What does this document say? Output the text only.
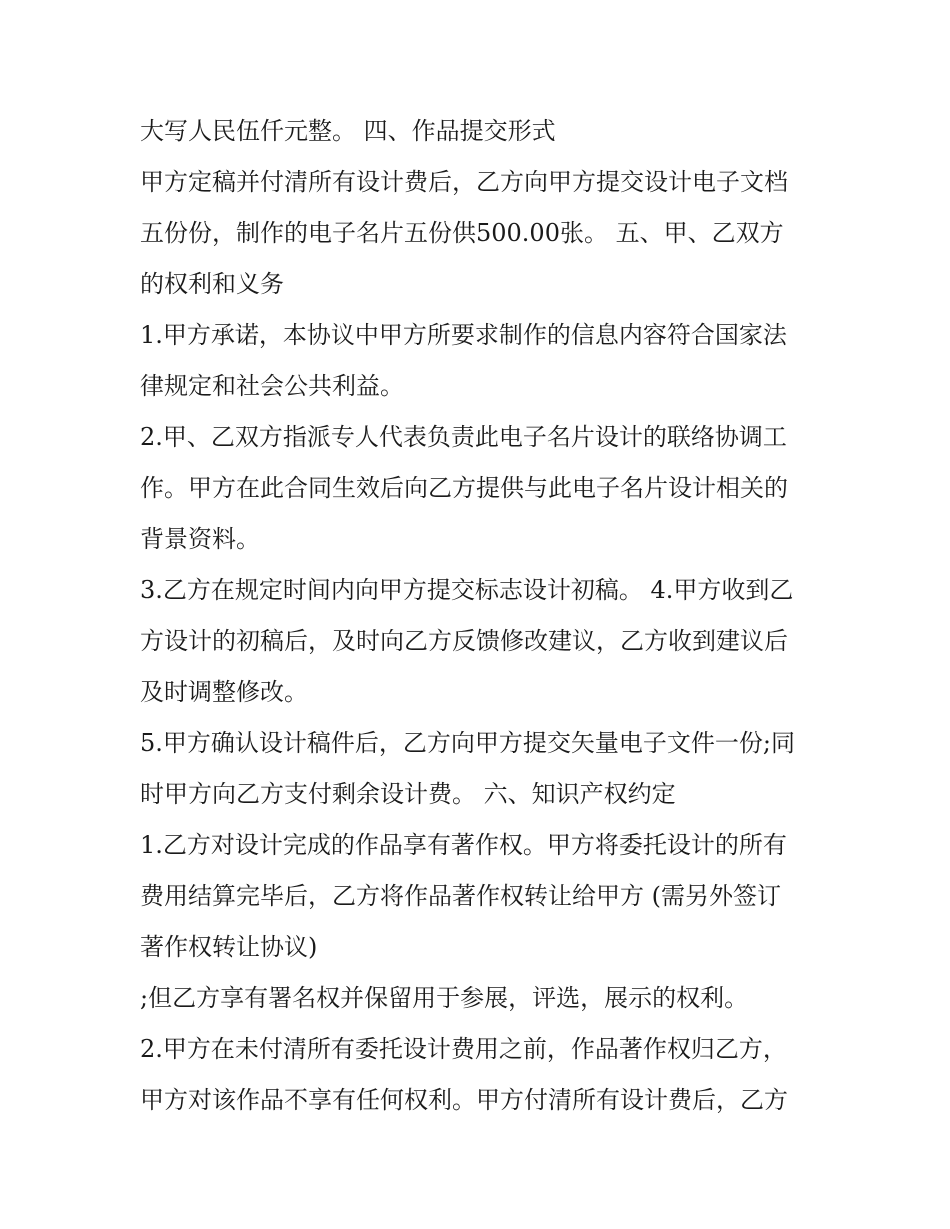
大写人民伍仟元整。 四、作品提交形式
甲方定稿并付清所有设计费后，乙方向甲方提交设计电子文档
五份份，制作的电子名片五份供500.00张。 五、甲、乙双方
的权利和义务
1.甲方承诺，本协议中甲方所要求制作的信息内容符合国家法
律规定和社会公共利益。
2.甲、乙双方指派专人代表负责此电子名片设计的联络协调工
作。甲方在此合同生效后向乙方提供与此电子名片设计相关的
背景资料。
3.乙方在规定时间内向甲方提交标志设计初稿。 4.甲方收到乙
方设计的初稿后，及时向乙方反馈修改建议，乙方收到建议后
及时调整修改。
5.甲方确认设计稿件后，乙方向甲方提交矢量电子文件一份;同
时甲方向乙方支付剩余设计费。 六、知识产权约定
1.乙方对设计完成的作品享有著作权。甲方将委托设计的所有
费用结算完毕后，乙方将作品著作权转让给甲方 (需另外签订
著作权转让协议)
;但乙方享有署名权并保留用于参展，评选，展示的权利。
2.甲方在未付清所有委托设计费用之前，作品著作权归乙方，
甲方对该作品不享有任何权利。甲方付清所有设计费后，乙方
